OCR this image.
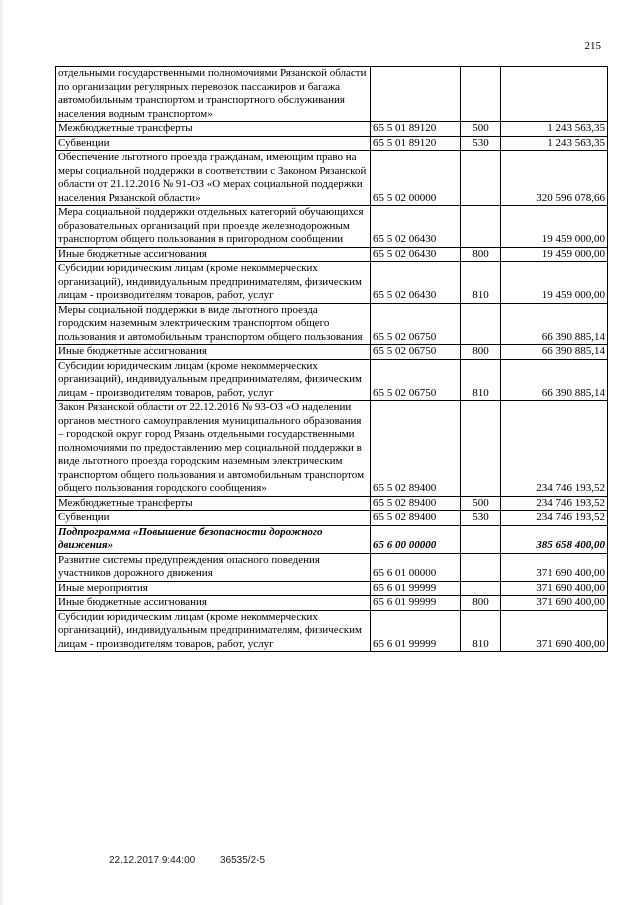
215
отдельными государственными полномочиями Рязанской области по организации регулярных перевозок пассажиров и багажа автомобильным транспортом и транспортного обслуживания населения водным транспортом»			
Межбюджетные трансферты	65 5 01 89120	500	1 243 563,35
Субвенции	65 5 01 89120	530	1 243 563,35
Обеспечение льготного проезда гражданам, имеющим право на меры социальной поддержки в соответствии с Законом Рязанской области от 21.12.2016 № 91-ОЗ «О мерах социальной поддержки населения Рязанской области»	65 5 02 00000		320 596 078,66
Мера социальной поддержки отдельных категорий обучающихся образовательных организаций при проезде железнодорожным транспортом общего пользования в пригородном сообщении	65 5 02 06430		19 459 000,00
Иные бюджетные ассигнования	65 5 02 06430	800	19 459 000,00
Субсидии юридическим лицам (кроме некоммерческих организаций), индивидуальным предпринимателям, физическим лицам - производителям товаров, работ, услуг	65 5 02 06430	810	19 459 000,00
Меры социальной поддержки в виде льготного проезда городским наземным электрическим транспортом общего пользования и автомобильным транспортом общего пользования	65 5 02 06750		66 390 885,14
Иные бюджетные ассигнования	65 5 02 06750	800	66 390 885,14
Субсидии юридическим лицам (кроме некоммерческих организаций), индивидуальным предпринимателям, физическим лицам - производителям товаров, работ, услуг	65 5 02 06750	810	66 390 885,14
Закон Рязанской области от 22.12.2016 № 93-ОЗ «О наделении органов местного самоуправления муниципального образования – городской округ город Рязань отдельными государственными полномочиями по предоставлению мер социальной поддержки в виде льготного проезда городским наземным электрическим транспортом общего пользования и автомобильным транспортом общего пользования городского сообщения»	65 5 02 89400		234 746 193,52
Межбюджетные трансферты	65 5 02 89400	500	234 746 193,52
Субвенции	65 5 02 89400	530	234 746 193,52
Подпрограмма «Повышение безопасности дорожного движения»	65 6 00 00000		385 658 400,00
Развитие системы предупреждения опасного поведения участников дорожного движения	65 6 01 00000		371 690 400,00
Иные мероприятия	65 6 01 99999		371 690 400,00
Иные бюджетные ассигнования	65 6 01 99999	800	371 690 400,00
Субсидии юридическим лицам (кроме некоммерческих организаций), индивидуальным предпринимателям, физическим лицам - производителям товаров, работ, услуг	65 6 01 99999	810	371 690 400,00
22.12.2017 9:44:00 36535/2-5
